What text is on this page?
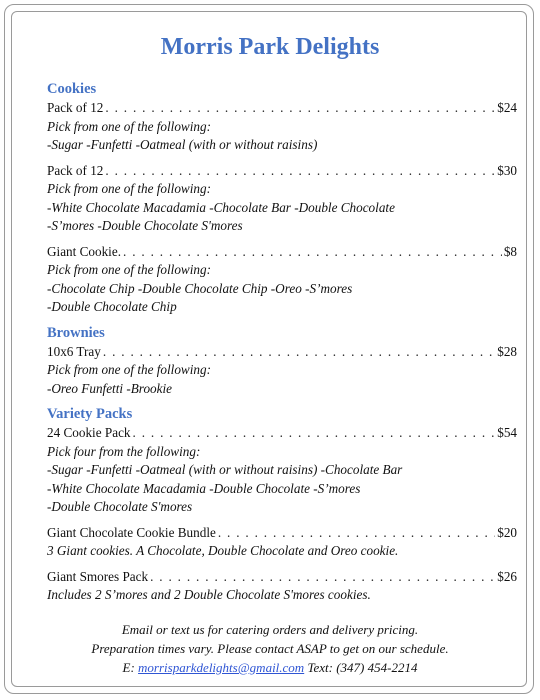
Morris Park Delights
Cookies
Pack of 12 . . .	$24
Pick from one of the following:
-Sugar -Funfetti -Oatmeal (with or without raisins)
Pack of 12 . . .	$30
Pick from one of the following:
-White Chocolate Macadamia -Chocolate Bar -Double Chocolate
-S’mores -Double Chocolate S'mores
Giant Cookie. . . .	$8
Pick from one of the following:
-Chocolate Chip -Double Chocolate Chip -Oreo -S’mores
-Double Chocolate Chip
Brownies
10x6 Tray . . .	$28
Pick from one of the following:
-Oreo Funfetti -Brookie
Variety Packs
24 Cookie Pack . . .	$54
Pick four from the following:
-Sugar -Funfetti -Oatmeal (with or without raisins) -Chocolate Bar
-White Chocolate Macadamia -Double Chocolate -S’mores
-Double Chocolate S'mores
Giant Chocolate Cookie Bundle . . .	$20
3 Giant cookies. A Chocolate, Double Chocolate and Oreo cookie.
Giant Smores Pack . . .	$26
Includes 2 S’mores and 2 Double Chocolate S'mores cookies.
Email or text us for catering orders and delivery pricing.
Preparation times vary. Please contact ASAP to get on our schedule.
E: morrisparkdelights@gmail.com Text: (347) 454-2214
